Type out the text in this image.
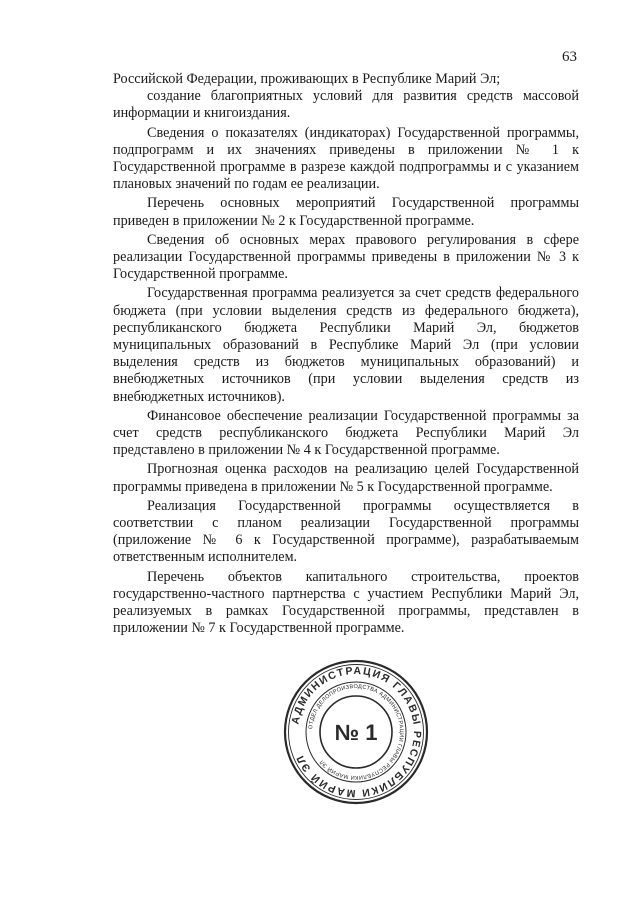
63

Российской Федерации, проживающих в Республике Марий Эл;

создание благоприятных условий для развития средств массовой информации и книгоиздания.

Сведения о показателях (индикаторах) Государственной программы, подпрограмм и их значениях приведены в приложении № 1 к Государственной программе в разрезе каждой подпрограммы и с указанием плановых значений по годам ее реализации.

Перечень основных мероприятий Государственной программы приведен в приложении № 2 к Государственной программе.

Сведения об основных мерах правового регулирования в сфере реализации Государственной программы приведены в приложении № 3 к Государственной программе.

Государственная программа реализуется за счет средств федерального бюджета (при условии выделения средств из федерального бюджета), республиканского бюджета Республики Марий Эл, бюджетов муниципальных образований в Республике Марий Эл (при условии выделения средств из бюджетов муниципальных образований) и внебюджетных источников (при условии выделения средств из внебюджетных источников).

Финансовое обеспечение реализации Государственной программы за счет средств республиканского бюджета Республики Марий Эл представлено в приложении № 4 к Государственной программе.

Прогнозная оценка расходов на реализацию целей Государственной программы приведена в приложении № 5 к Государственной программе.

Реализация Государственной программы осуществляется в соответствии с планом реализации Государственной программы (приложение № 6 к Государственной программе), разрабатываемым ответственным исполнителем.

Перечень объектов капитального строительства, проектов государственно-частного партнерства с участием Республики Марий Эл, реализуемых в рамках Государственной программы, представлен в приложении № 7 к Государственной программе.

АДМИНИСТРАЦИЯ ГЛАВЫ РЕСПУБЛИКИ МАРИЙ ЭЛ
ОТДЕЛ ДЕЛОПРОИЗВОДСТВА АДМИНИСТРАЦИИ ГЛАВЫ РЕСПУБЛИКИ МАРИЙ ЭЛ
№ 1
